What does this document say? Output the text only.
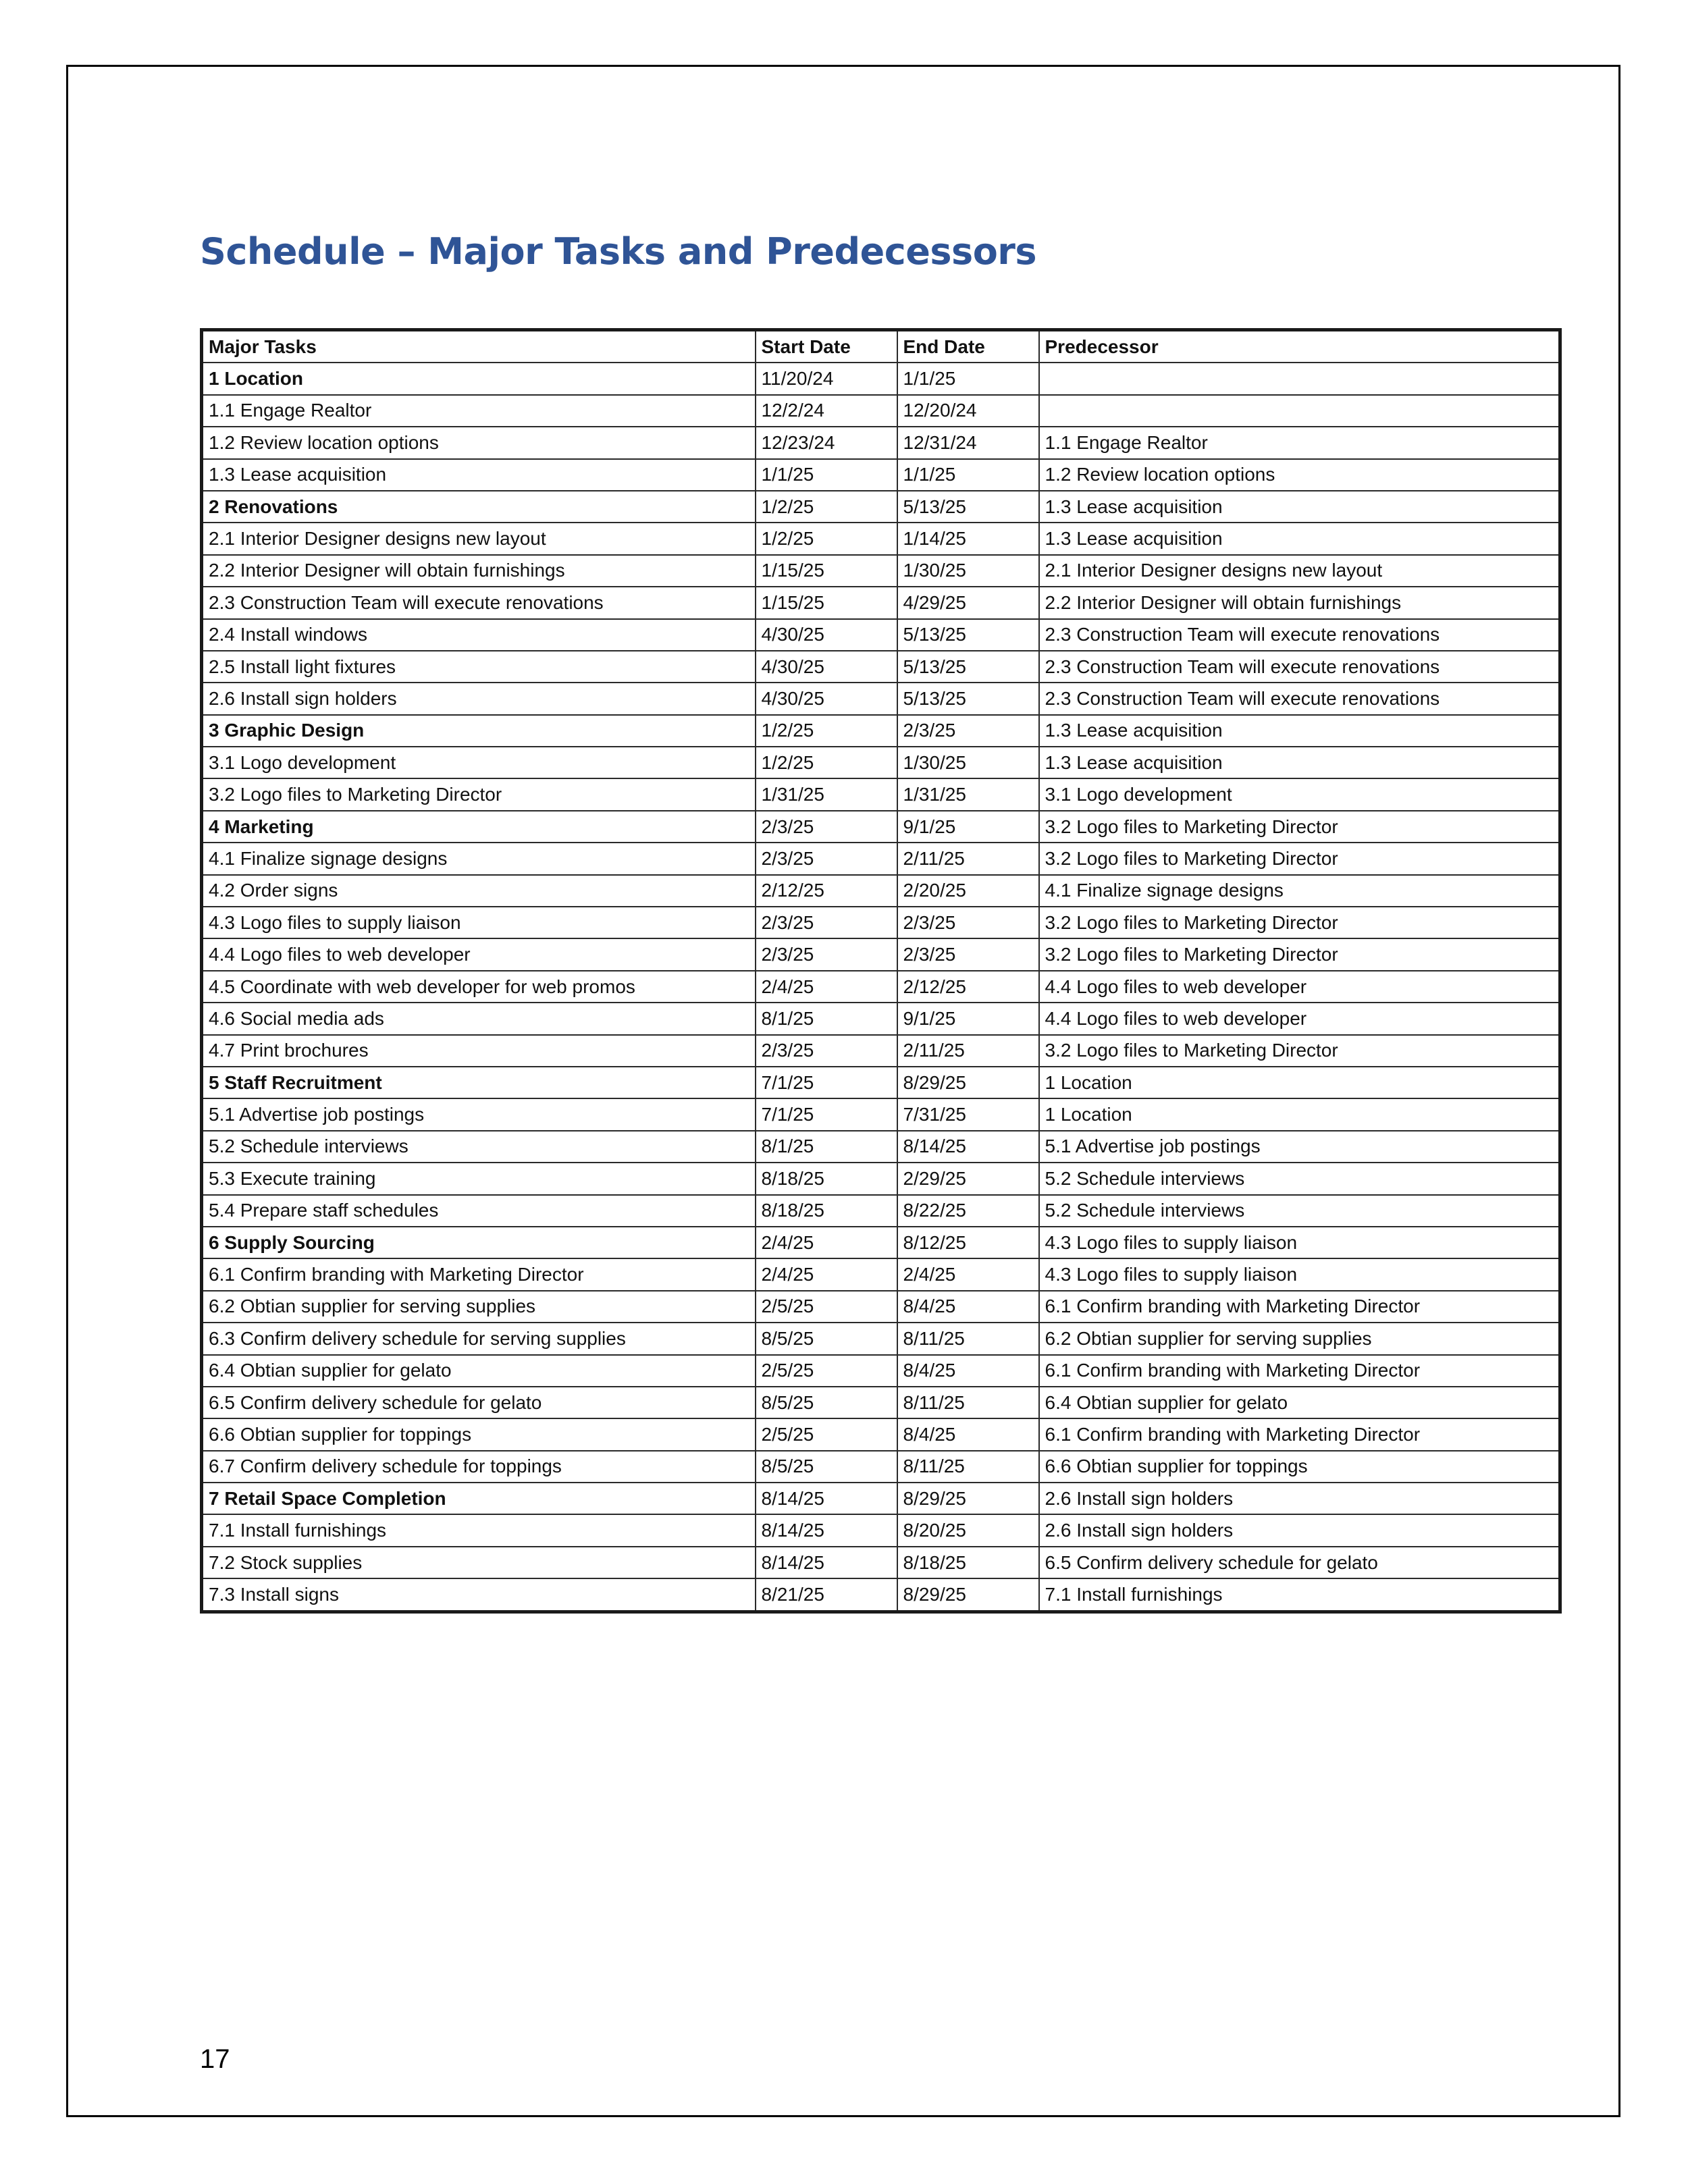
Schedule – Major Tasks and Predecessors
Major Tasks	Start Date	End Date	Predecessor
1 Location	11/20/24	1/1/25	
1.1 Engage Realtor	12/2/24	12/20/24	
1.2 Review location options	12/23/24	12/31/24	1.1 Engage Realtor
1.3 Lease acquisition	1/1/25	1/1/25	1.2 Review location options
2 Renovations	1/2/25	5/13/25	1.3 Lease acquisition
2.1 Interior Designer designs new layout	1/2/25	1/14/25	1.3 Lease acquisition
2.2 Interior Designer will obtain furnishings	1/15/25	1/30/25	2.1 Interior Designer designs new layout
2.3 Construction Team will execute renovations	1/15/25	4/29/25	2.2 Interior Designer will obtain furnishings
2.4 Install windows	4/30/25	5/13/25	2.3 Construction Team will execute renovations
2.5 Install light fixtures	4/30/25	5/13/25	2.3 Construction Team will execute renovations
2.6 Install sign holders	4/30/25	5/13/25	2.3 Construction Team will execute renovations
3 Graphic Design	1/2/25	2/3/25	1.3 Lease acquisition
3.1 Logo development	1/2/25	1/30/25	1.3 Lease acquisition
3.2 Logo files to Marketing Director	1/31/25	1/31/25	3.1 Logo development
4 Marketing	2/3/25	9/1/25	3.2 Logo files to Marketing Director
4.1 Finalize signage designs	2/3/25	2/11/25	3.2 Logo files to Marketing Director
4.2 Order signs	2/12/25	2/20/25	4.1 Finalize signage designs
4.3 Logo files to supply liaison	2/3/25	2/3/25	3.2 Logo files to Marketing Director
4.4 Logo files to web developer	2/3/25	2/3/25	3.2 Logo files to Marketing Director
4.5 Coordinate with web developer for web promos	2/4/25	2/12/25	4.4 Logo files to web developer
4.6 Social media ads	8/1/25	9/1/25	4.4 Logo files to web developer
4.7 Print brochures	2/3/25	2/11/25	3.2 Logo files to Marketing Director
5 Staff Recruitment	7/1/25	8/29/25	1 Location
5.1 Advertise job postings	7/1/25	7/31/25	1 Location
5.2 Schedule interviews	8/1/25	8/14/25	5.1 Advertise job postings
5.3 Execute training	8/18/25	2/29/25	5.2 Schedule interviews
5.4 Prepare staff schedules	8/18/25	8/22/25	5.2 Schedule interviews
6 Supply Sourcing	2/4/25	8/12/25	4.3 Logo files to supply liaison
6.1 Confirm branding with Marketing Director	2/4/25	2/4/25	4.3 Logo files to supply liaison
6.2 Obtian supplier for serving supplies	2/5/25	8/4/25	6.1 Confirm branding with Marketing Director
6.3 Confirm delivery schedule for serving supplies	8/5/25	8/11/25	6.2 Obtian supplier for serving supplies
6.4 Obtian supplier for gelato	2/5/25	8/4/25	6.1 Confirm branding with Marketing Director
6.5 Confirm delivery schedule for gelato	8/5/25	8/11/25	6.4 Obtian supplier for gelato
6.6 Obtian supplier for toppings	2/5/25	8/4/25	6.1 Confirm branding with Marketing Director
6.7 Confirm delivery schedule for toppings	8/5/25	8/11/25	6.6 Obtian supplier for toppings
7 Retail Space Completion	8/14/25	8/29/25	2.6 Install sign holders
7.1 Install furnishings	8/14/25	8/20/25	2.6 Install sign holders
7.2 Stock supplies	8/14/25	8/18/25	6.5 Confirm delivery schedule for gelato
7.3 Install signs	8/21/25	8/29/25	7.1 Install furnishings
17
